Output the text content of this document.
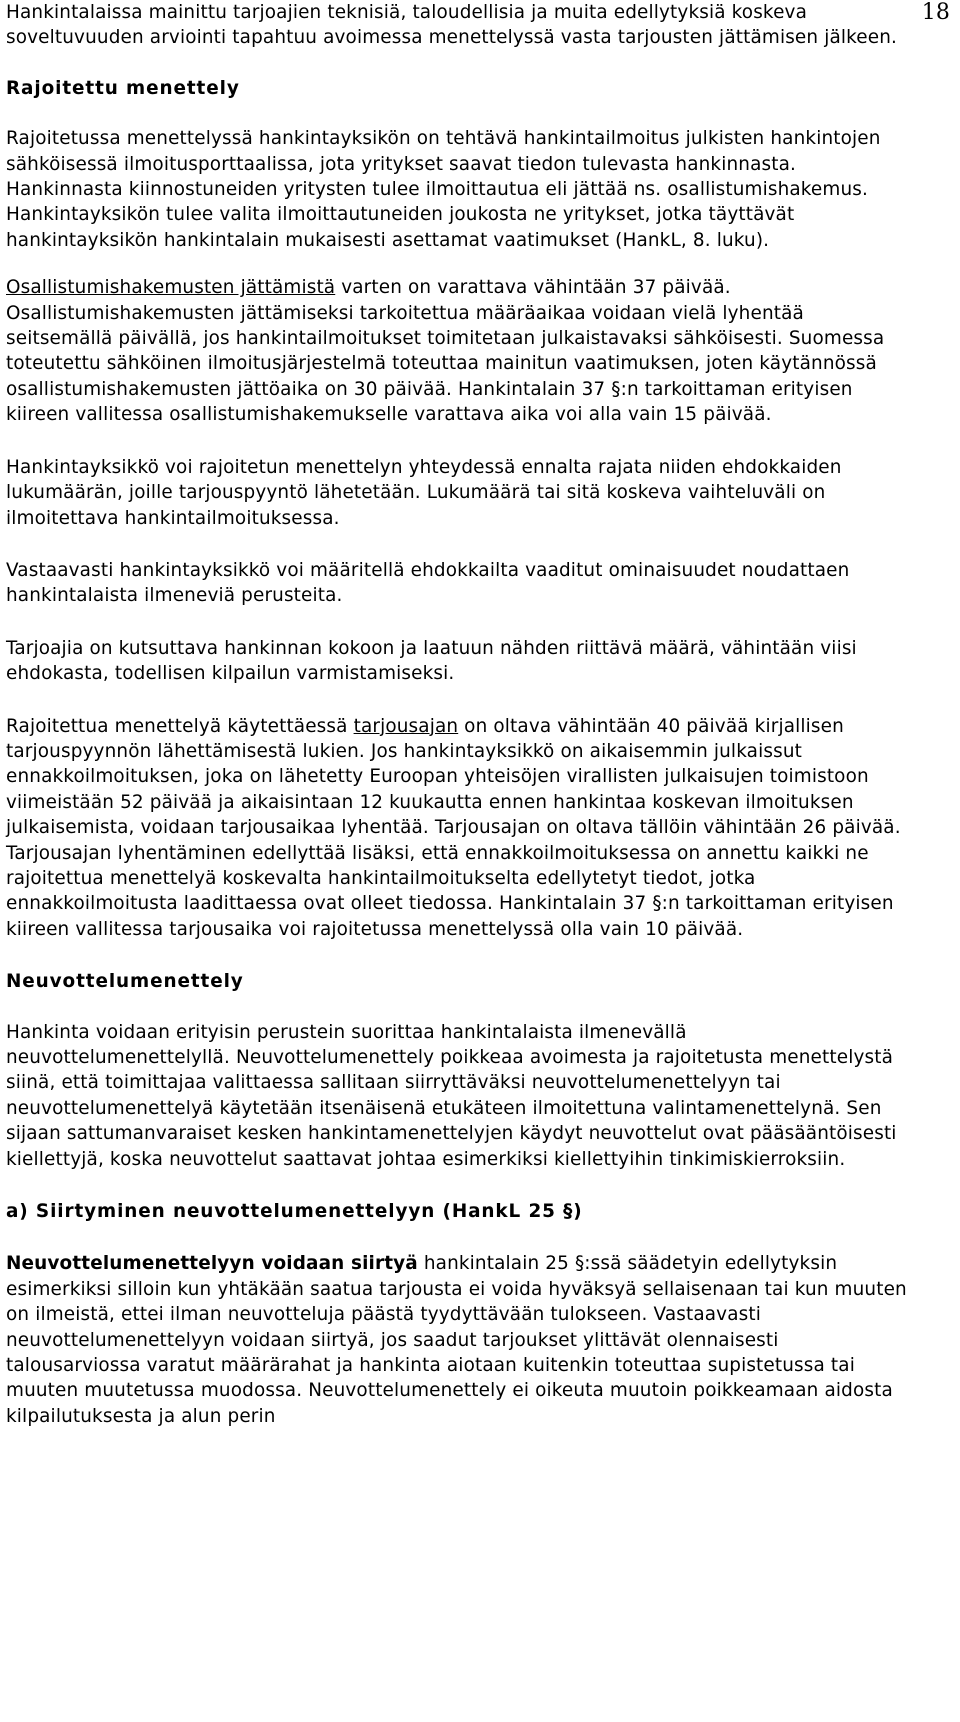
18

Hankintalaissa mainittu tarjoajien teknisiä, taloudellisia ja muita edellytyksiä koskeva soveltuvuuden arviointi tapahtuu avoimessa menettelyssä vasta tarjousten jättämisen jälkeen.

Rajoitettu menettely

Rajoitetussa menettelyssä hankintayksikön on tehtävä hankintailmoitus julkisten hankintojen sähköisessä ilmoitusporttaalissa, jota yritykset saavat tiedon tulevasta hankinnasta. Hankinnasta kiinnostuneiden yritysten tulee ilmoittautua eli jättää ns. osallistumishakemus. Hankintayksikön tulee valita ilmoittautuneiden joukosta ne yritykset, jotka täyttävät hankintayksikön hankintalain mukaisesti asettamat vaatimukset (HankL, 8. luku).

Osallistumishakemusten jättämistä varten on varattava vähintään 37 päivää. Osallistumishakemusten jättämiseksi tarkoitettua määräaikaa voidaan vielä lyhentää seitsemällä päivällä, jos hankintailmoitukset toimitetaan julkaistavaksi sähköisesti. Suomessa toteutettu sähköinen ilmoitusjärjestelmä toteuttaa mainitun vaatimuksen, joten käytännössä osallistumishakemusten jättöaika on 30 päivää. Hankintalain 37 §:n tarkoittaman erityisen kiireen vallitessa osallistumishakemukselle varattava aika voi alla vain 15 päivää.

Hankintayksikkö voi rajoitetun menettelyn yhteydessä ennalta rajata niiden ehdokkaiden lukumäärän, joille tarjouspyyntö lähetetään. Lukumäärä tai sitä koskeva vaihteluväli on ilmoitettava hankintailmoituksessa.

Vastaavasti hankintayksikkö voi määritellä ehdokkailta vaaditut ominaisuudet noudattaen hankintalaista ilmeneviä perusteita.

Tarjoajia on kutsuttava hankinnan kokoon ja laatuun nähden riittävä määrä, vähintään viisi ehdokasta, todellisen kilpailun varmistamiseksi.

Rajoitettua menettelyä käytettäessä tarjousajan on oltava vähintään 40 päivää kirjallisen tarjouspyynnön lähettämisestä lukien. Jos hankintayksikkö on aikaisemmin julkaissut ennakkoilmoituksen, joka on lähetetty Euroopan yhteisöjen virallisten julkaisujen toimistoon viimeistään 52 päivää ja aikaisintaan 12 kuukautta ennen hankintaa koskevan ilmoituksen julkaisemista, voidaan tarjousaikaa lyhentää. Tarjousajan on oltava tällöin vähintään 26 päivää. Tarjousajan lyhentäminen edellyttää lisäksi, että ennakkoilmoituksessa on annettu kaikki ne rajoitettua menettelyä koskevalta hankintailmoitukselta edellytetyt tiedot, jotka ennakkoilmoitusta laadittaessa ovat olleet tiedossa. Hankintalain 37 §:n tarkoittaman erityisen kiireen vallitessa tarjousaika voi rajoitetussa menettelyssä olla vain 10 päivää.

Neuvottelumenettely

Hankinta voidaan erityisin perustein suorittaa hankintalaista ilmenevällä neuvottelumenettelyllä. Neuvottelumenettely poikkeaa avoimesta ja rajoitetusta menettelystä siinä, että toimittajaa valittaessa sallitaan siirryttäväksi neuvottelumenettelyyn tai neuvottelumenettelyä käytetään itsenäisenä etukäteen ilmoitettuna valintamenettelynä. Sen sijaan sattumanvaraiset kesken hankintamenettelyjen käydyt neuvottelut ovat pääsääntöisesti kiellettyjä, koska neuvottelut saattavat johtaa esimerkiksi kiellettyihin tinkimiskierroksiin.

a) Siirtyminen neuvottelumenettelyyn (HankL 25 §)

Neuvottelumenettelyyn voidaan siirtyä hankintalain 25 §:ssä säädetyin edellytyksin esimerkiksi silloin kun yhtäkään saatua tarjousta ei voida hyväksyä sellaisenaan tai kun muuten on ilmeistä, ettei ilman neuvotteluja päästä tyydyttävään tulokseen. Vastaavasti neuvottelumenettelyyn voidaan siirtyä, jos saadut tarjoukset ylittävät olennaisesti talousarviossa varatut määrärahat ja hankinta aiotaan kuitenkin toteuttaa supistetussa tai muuten muutetussa muodossa. Neuvottelumenettely ei oikeuta muutoin poikkeamaan aidosta kilpailutuksesta ja alun perin
